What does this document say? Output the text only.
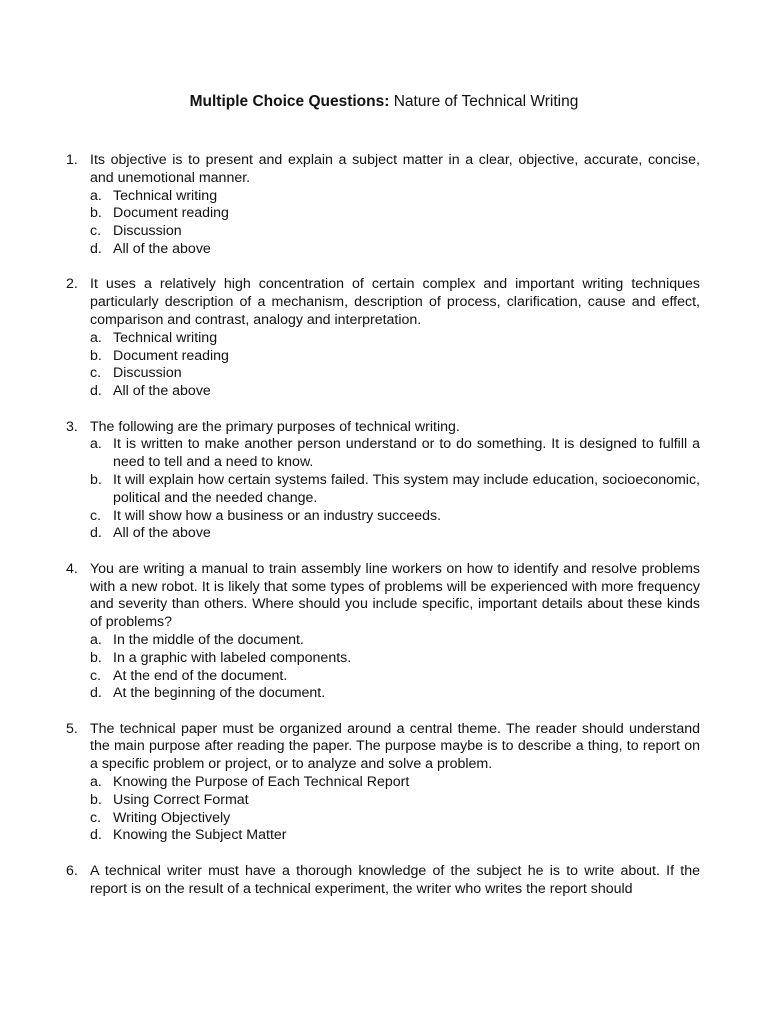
Multiple Choice Questions: Nature of Technical Writing
1. Its objective is to present and explain a subject matter in a clear, objective, accurate, concise, and unemotional manner.
a. Technical writing
b. Document reading
c. Discussion
d. All of the above
2. It uses a relatively high concentration of certain complex and important writing techniques particularly description of a mechanism, description of process, clarification, cause and effect, comparison and contrast, analogy and interpretation.
a. Technical writing
b. Document reading
c. Discussion
d. All of the above
3. The following are the primary purposes of technical writing.
a. It is written to make another person understand or to do something. It is designed to fulfill a need to tell and a need to know.
b. It will explain how certain systems failed. This system may include education, socioeconomic, political and the needed change.
c. It will show how a business or an industry succeeds.
d. All of the above
4. You are writing a manual to train assembly line workers on how to identify and resolve problems with a new robot. It is likely that some types of problems will be experienced with more frequency and severity than others. Where should you include specific, important details about these kinds of problems?
a. In the middle of the document.
b. In a graphic with labeled components.
c. At the end of the document.
d. At the beginning of the document.
5. The technical paper must be organized around a central theme. The reader should understand the main purpose after reading the paper. The purpose maybe is to describe a thing, to report on a specific problem or project, or to analyze and solve a problem.
a. Knowing the Purpose of Each Technical Report
b. Using Correct Format
c. Writing Objectively
d. Knowing the Subject Matter
6. A technical writer must have a thorough knowledge of the subject he is to write about. If the report is on the result of a technical experiment, the writer who writes the report should
